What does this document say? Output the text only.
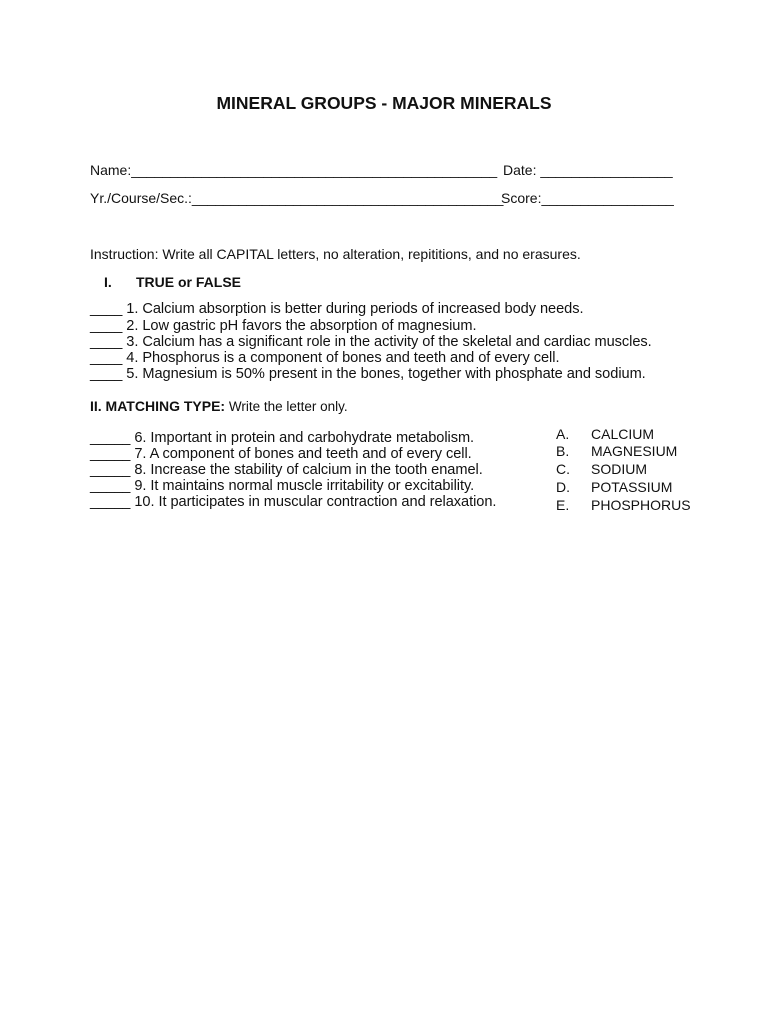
MINERAL GROUPS - MAJOR MINERALS
Name:_______________________________________________ Date: _________________
Yr./Course/Sec.:________________________________________
Score:_________________
Instruction: Write all CAPITAL letters, no alteration, repititions, and no erasures.
I. TRUE or FALSE
____ 1. Calcium absorption is better during periods of increased body needs.
____ 2. Low gastric pH favors the absorption of magnesium.
____ 3. Calcium has a significant role in the activity of the skeletal and cardiac muscles.
____ 4. Phosphorus is a component of bones and teeth and of every cell.
____ 5. Magnesium is 50% present in the bones, together with phosphate and sodium.
II. MATCHING TYPE: Write the letter only.
_____ 6. Important in protein and carbohydrate metabolism.
_____ 7. A component of bones and teeth and of every cell.
_____ 8. Increase the stability of calcium in the tooth enamel.
_____ 9. It maintains normal muscle irritability or excitability.
_____ 10. It participates in muscular contraction and relaxation.
A. CALCIUM
B. MAGNESIUM
C. SODIUM
D. POTASSIUM
E. PHOSPHORUS
